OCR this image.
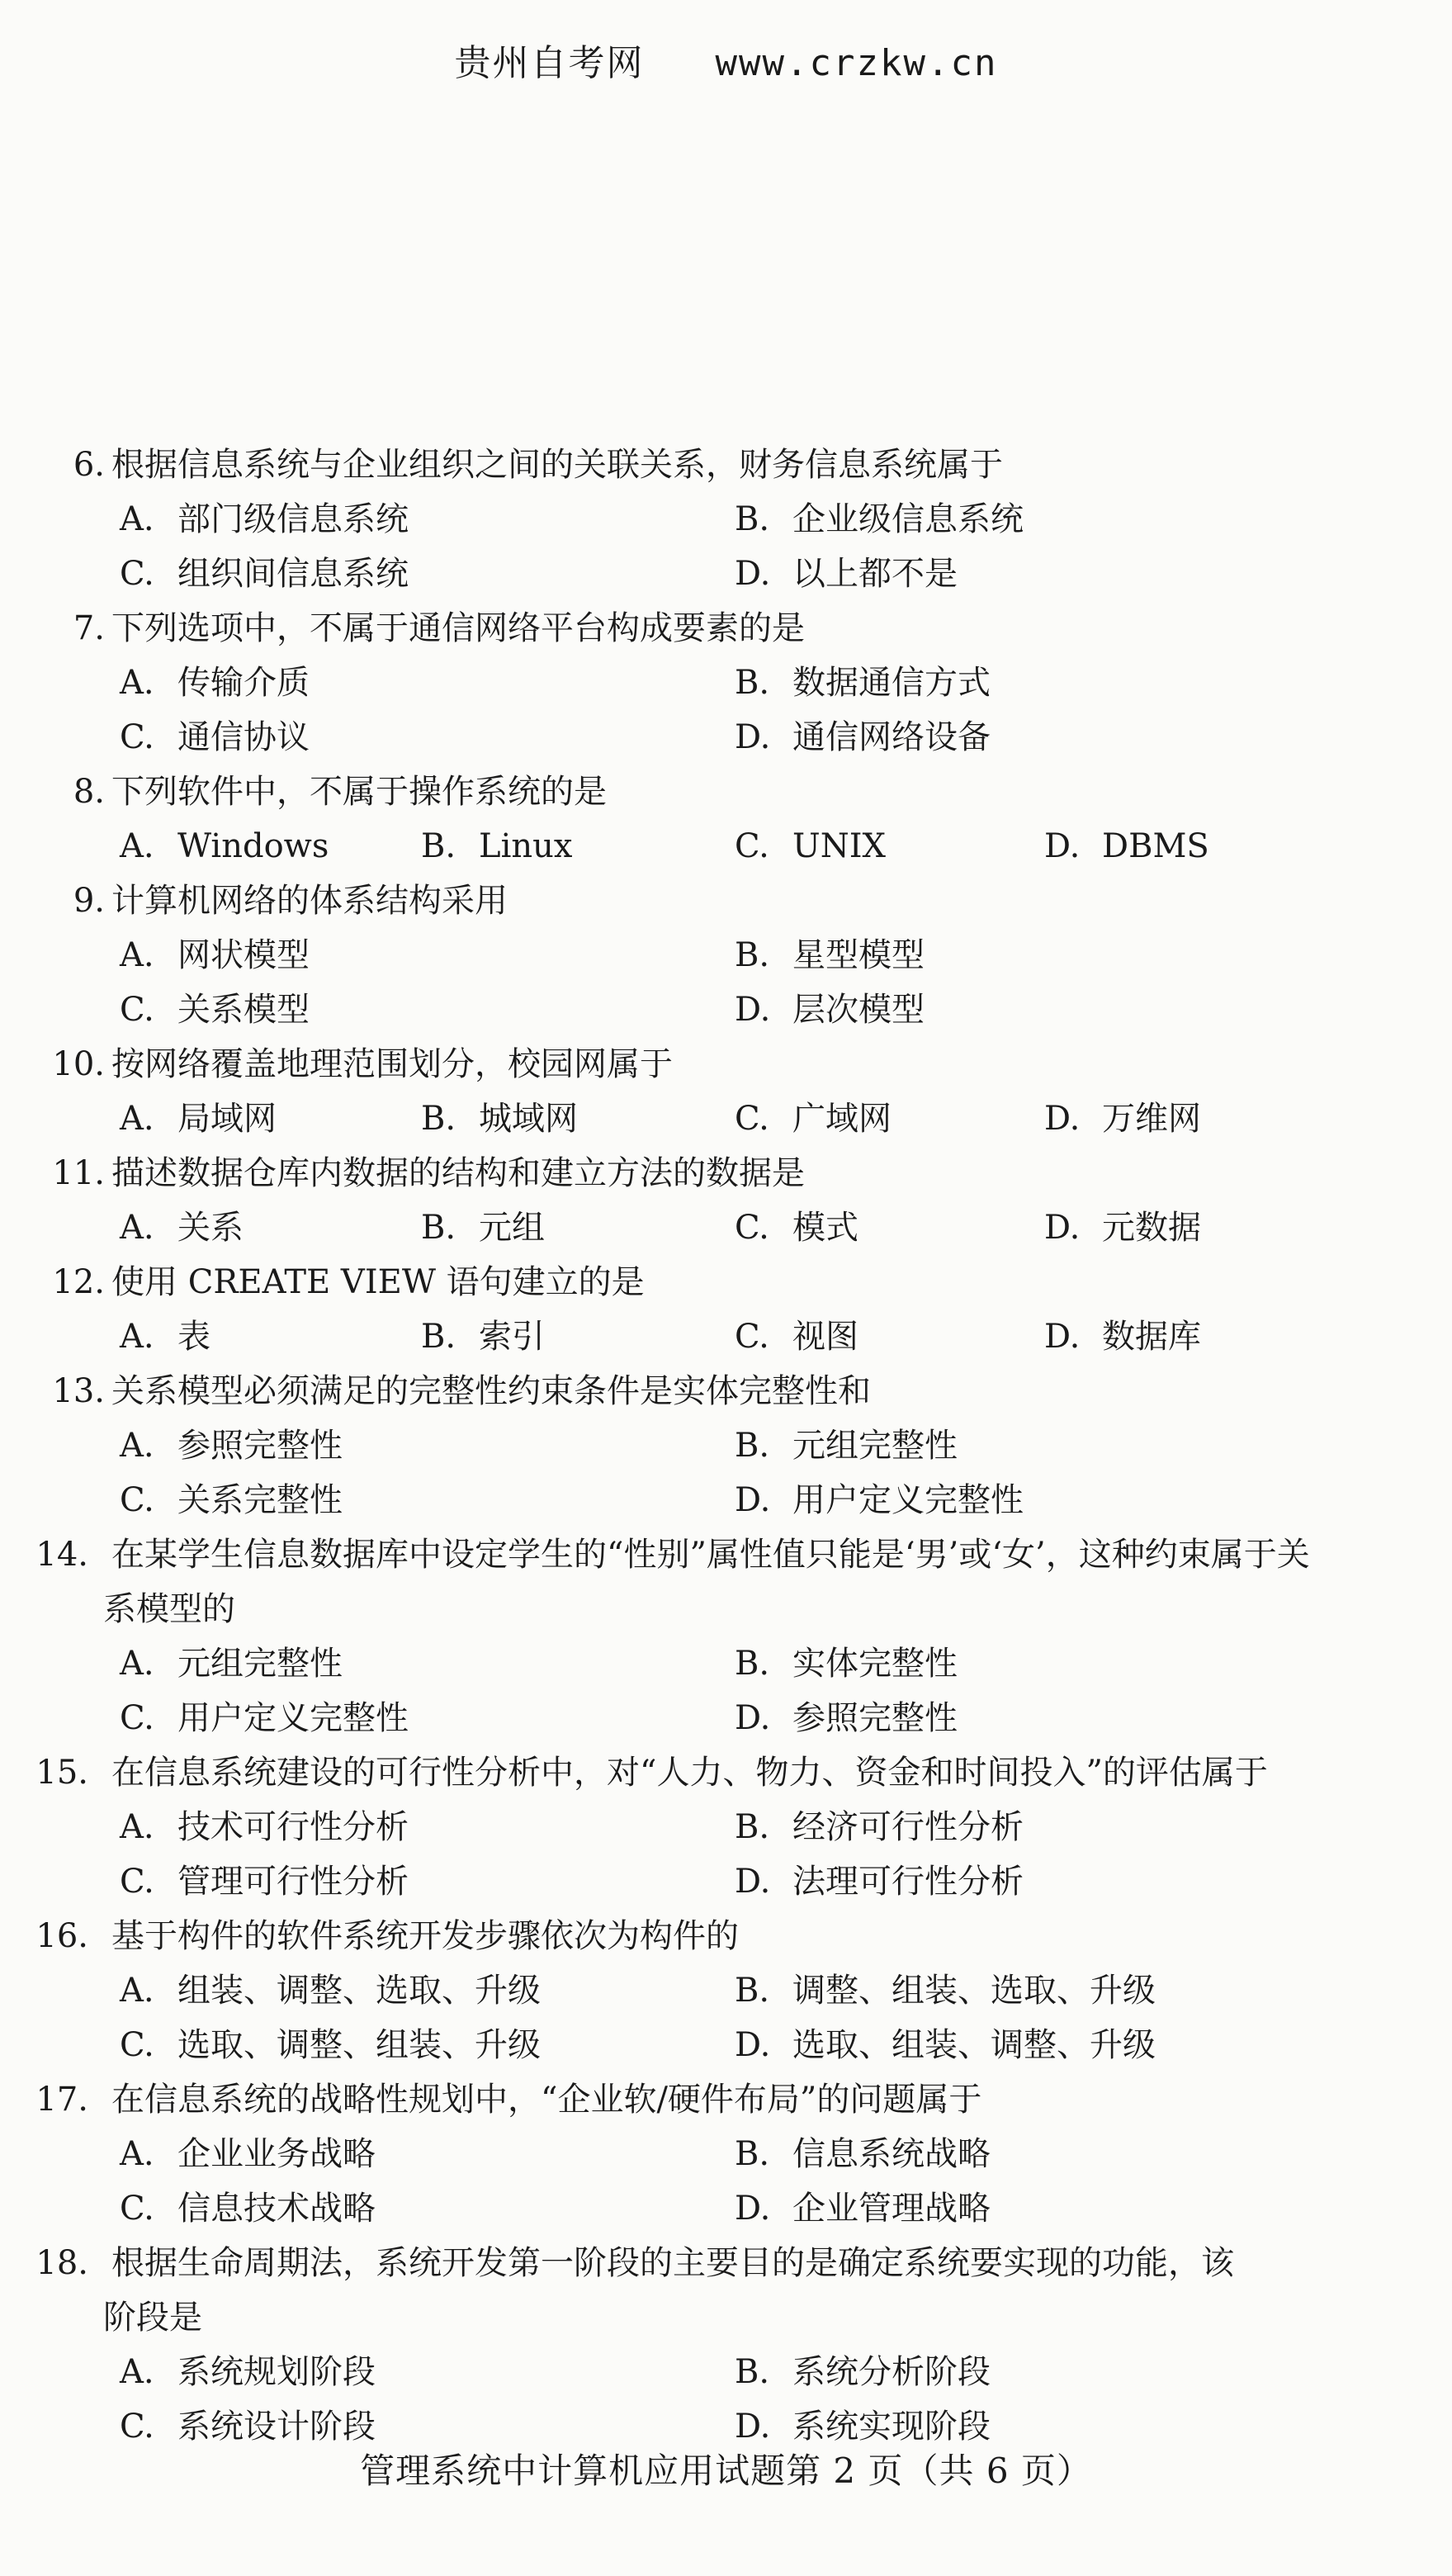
贵州自考网 www.crzkw.cn
6. 根据信息系统与企业组织之间的关联关系，财务信息系统属于
A. 部门级信息系统	B. 企业级信息系统
C. 组织间信息系统	D. 以上都不是
7. 下列选项中，不属于通信网络平台构成要素的是
A. 传输介质	B. 数据通信方式
C. 通信协议	D. 通信网络设备
8. 下列软件中，不属于操作系统的是
A. Windows	B. Linux	C. UNIX	D. DBMS
9. 计算机网络的体系结构采用
A. 网状模型	B. 星型模型
C. 关系模型	D. 层次模型
10. 按网络覆盖地理范围划分，校园网属于
A. 局域网	B. 城域网	C. 广域网	D. 万维网
11. 描述数据仓库内数据的结构和建立方法的数据是
A. 关系	B. 元组	C. 模式	D. 元数据
12. 使用 CREATE VIEW 语句建立的是
A. 表	B. 索引	C. 视图	D. 数据库
13. 关系模型必须满足的完整性约束条件是实体完整性和
A. 参照完整性	B. 元组完整性
C. 关系完整性	D. 用户定义完整性
14. 在某学生信息数据库中设定学生的“性别”属性值只能是‘男’或‘女’，这种约束属于关
系模型的
A. 元组完整性	B. 实体完整性
C. 用户定义完整性	D. 参照完整性
15. 在信息系统建设的可行性分析中，对“人力、物力、资金和时间投入”的评估属于
A. 技术可行性分析	B. 经济可行性分析
C. 管理可行性分析	D. 法理可行性分析
16. 基于构件的软件系统开发步骤依次为构件的
A. 组装、调整、选取、升级	B. 调整、组装、选取、升级
C. 选取、调整、组装、升级	D. 选取、组装、调整、升级
17. 在信息系统的战略性规划中，“企业软/硬件布局”的问题属于
A. 企业业务战略	B. 信息系统战略
C. 信息技术战略	D. 企业管理战略
18. 根据生命周期法，系统开发第一阶段的主要目的是确定系统要实现的功能，该
阶段是
A. 系统规划阶段	B. 系统分析阶段
C. 系统设计阶段	D. 系统实现阶段
管理系统中计算机应用试题第 2 页（共 6 页）
